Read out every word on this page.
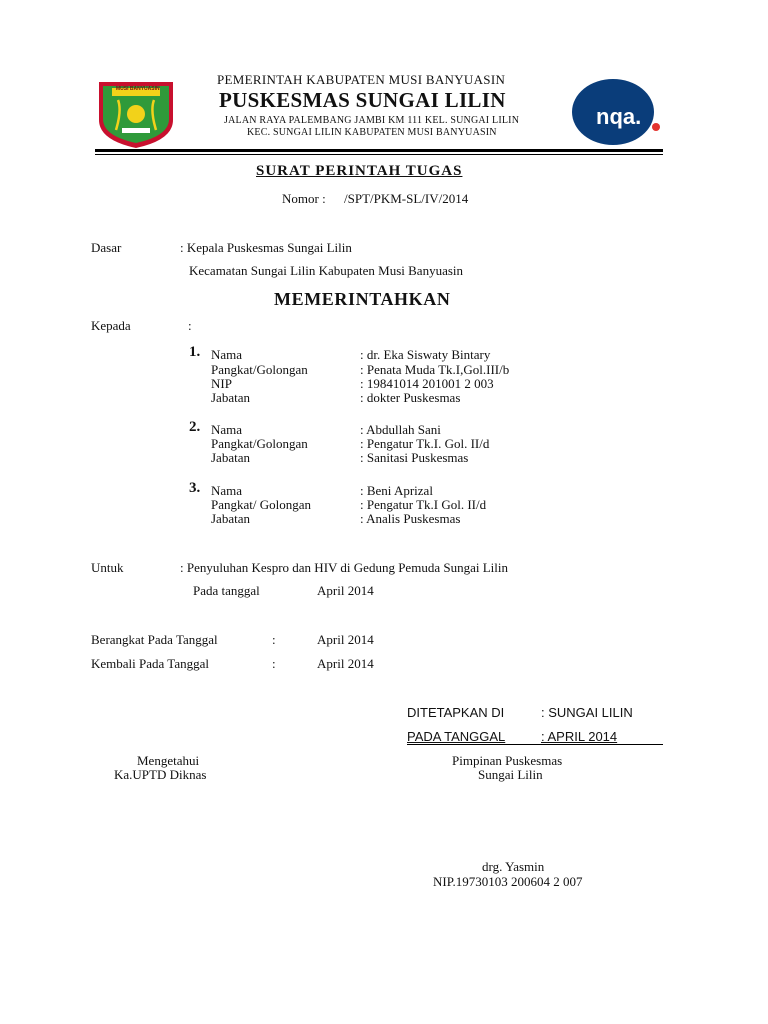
MUSI BANYUASIN
nqa.
PEMERINTAH KABUPATEN MUSI BANYUASIN
PUSKESMAS SUNGAI LILIN
JALAN RAYA PALEMBANG JAMBI KM 111 KEL. SUNGAI LILIN
KEC. SUNGAI LILIN KABUPATEN MUSI BANYUASIN
SURAT PERINTAH TUGAS
Nomor : /SPT/PKM-SL/IV/2014
Dasar	: Kepala Puskesmas Sungai Lilin
Kecamatan Sungai Lilin Kabupaten Musi Banyuasin
MEMERINTAHKAN
Kepada	:
1. Nama	: dr. Eka Siswaty Bintary
Pangkat/Golongan	: Penata Muda Tk.I,Gol.III/b
NIP	: 19841014 201001 2 003
Jabatan	: dokter Puskesmas
2. Nama	: Abdullah Sani
Pangkat/Golongan	: Pengatur Tk.I. Gol. II/d
Jabatan	: Sanitasi Puskesmas
3. Nama	: Beni Aprizal
Pangkat/ Golongan	: Pengatur Tk.I Gol. II/d
Jabatan	: Analis Puskesmas
Untuk	: Penyuluhan Kespro dan HIV di Gedung Pemuda Sungai Lilin
Pada tanggal	April 2014
Berangkat Pada Tanggal	:	April 2014
Kembali Pada Tanggal	:	April 2014
DITETAPKAN DI	: SUNGAI LILIN
PADA TANGGAL	: APRIL 2014
Mengetahui
Ka.UPTD Diknas
Pimpinan Puskesmas
Sungai Lilin
drg. Yasmin
NIP.19730103 200604 2 007
